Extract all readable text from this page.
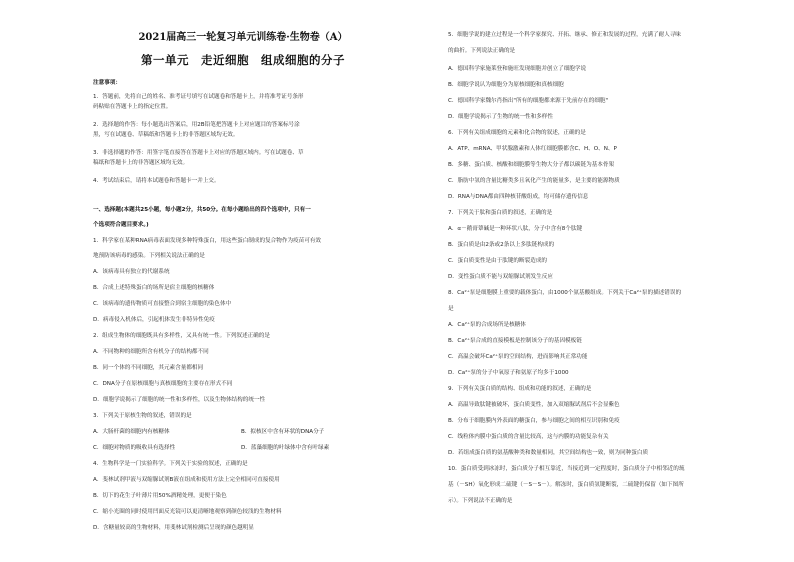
2021届高三一轮复习单元训练卷·生物卷（A）
第一单元　走近细胞　组成细胞的分子
注意事项：
1．答题前，先将自己的姓名、准考证号填写在试题卷和答题卡上，并将准考证号条形
码粘贴在答题卡上的指定位置。
2．选择题的作答：每小题选出答案后，用2B铅笔把答题卡上对应题目的答案标号涂
黑，写在试题卷、草稿纸和答题卡上的非答题区域均无效。
3．非选择题的作答：用签字笔直接答在答题卡上对应的答题区域内。写在试题卷、草
稿纸和答题卡上的非答题区域均无效。
4．考试结束后，请将本试题卷和答题卡一并上交。
一、选择题(本题共25小题，每小题2分，共50分。在每小题给出的四个选项中，只有一
个选项符合题目要求。)
1．科学家在某种RNA病毒表面发现多种特殊蛋白，用这些蛋白制成的复合物作为疫苗可有效
地预防该病毒的感染。下列相关说法正确的是
A．该病毒具有独立的代谢系统
B．合成上述特殊蛋白的场所是宿主细胞的核糖体
C．该病毒的遗传物质可直接整合到宿主细胞的染色体中
D．病毒侵入机体后，引起机体发生非特异性免疫
2．组成生物体的细胞既具有多样性，又具有统一性。下列叙述正确的是
A．不同物种的细胞所含有机分子的结构都不同
B．同一个体的不同细胞，其元素含量都相同
C．DNA分子在原核细胞与真核细胞的主要存在形式不同
D．细胞学说揭示了细胞的统一性和多样性，以及生物体结构的统一性
3．下列关于原核生物的叙述，错误的是
A．大肠杆菌的细胞内有核糖体	B．拟核区中含有环状的DNA分子
C．细胞对物质的吸收具有选择性	D．蓝藻细胞的叶绿体中含有叶绿素
4．生物科学是一门实验科学。下列关于实验的叙述，正确的是
A．斐林试剂甲液与双缩脲试剂B液在组成和使用方法上完全相同可直接使用
B．切下的花生子叶薄片用50%酒精处理，更便于染色
C．缩小光圈的同时使用凹面反光镜可以更清晰地观察到颜色较浅的生物材料
D．含糖量较高的生物材料，用斐林试剂检测后呈现的颜色越明显
5．细胞学说的建立过程是一个科学家探究、开拓、继承、修正和发展的过程，充满了耐人寻味
的曲折。下列说法正确的是
A．德国科学家施莱登和施旺发现细胞并创立了细胞学说
B．细胞学说认为细胞分为原核细胞和真核细胞
C．德国科学家魏尔肖指出"所有的细胞都来源于先前存在的细胞"
D．细胞学说揭示了生物的统一性和多样性
6．下列有关组成细胞的元素和化合物的叙述，正确的是
A．ATP、mRNA、甲状腺激素和人体红细胞膜都含C、H、O、N、P
B．多糖、蛋白质、核酸和细胞膜等生物大分子都以碳链为基本骨架
C．脂肪中氢的含量比糖类多且氧化产生的能量多，是主要的能源物质
D．RNA与DNA都由四种核苷酸组成，均可储存遗传信息
7．下列关于肽和蛋白质的叙述，正确的是
A．α－鹅膏蕈碱是一种环状八肽，分子中含有8个肽键
B．蛋白质是由2条或2条以上多肽链构成的
C．蛋白质变性是由于肽键的断裂造成的
D．变性蛋白质不能与双缩脲试剂发生反应
8．Ca²⁺泵是细胞膜上重要的载体蛋白，由1000个氨基酸组成。下列关于Ca²⁺泵的描述错误的
是
A．Ca²⁺泵的合成场所是核糖体
B．Ca²⁺泵合成的直接模板是控制该分子的基因模板链
C．高温会破坏Ca²⁺泵的空间结构，进而影响其正常功能
D．Ca²⁺泵的分子中氧原子和氨原子均多于1000
9．下列有关蛋白质的结构、组成和功能的叙述，正确的是
A．高温导致肽键被破坏，蛋白质变性，加入双缩脲试剂后不会显紫色
B．分布于细胞膜内外表面的糖蛋白，参与细胞之间的相互识别和免疫
C．线粒体内膜中蛋白质的含量比较高，这与内膜的功能复杂有关
D．若组成蛋白质的氨基酸种类和数量相同，其空间结构也一致，则为同种蛋白质
10．蛋白质受到冰冻时，蛋白质分子相互靠近，当接近到一定程度时，蛋白质分子中相邻近的巯
基（－SH）氧化形成二硫键（－S－S－）。解冻时，蛋白质氢键断裂，二硫键仍保留（如下图所
示）。下列说法不正确的是
